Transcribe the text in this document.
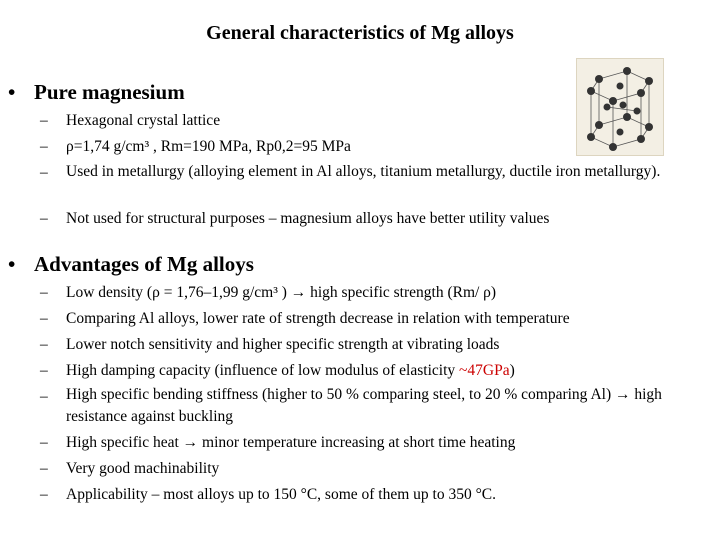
General characteristics of Mg alloys
• Pure magnesium
– Hexagonal crystal lattice
– ρ=1,74 g/cm³ , Rm=190 MPa, Rp0,2=95 MPa
– Used in metallurgy (alloying element in Al alloys, titanium metallurgy, ductile iron metallurgy).
– Not used for structural purposes – magnesium alloys have better utility values
• Advantages of Mg alloys
– Low density (ρ = 1,76–1,99 g/cm³ ) → high specific strength (Rm/ ρ)
– Comparing Al alloys, lower rate of strength decrease in relation with temperature
– Lower notch sensitivity and higher specific strength at vibrating loads
– High damping capacity (influence of low modulus of elasticity ~47GPa)
– High specific bending stiffness (higher to 50 % comparing steel, to 20 % comparing Al) → high resistance against buckling
– High specific heat → minor temperature increasing at short time heating
– Very good machinability
– Applicability – most alloys up to 150 °C, some of them up to 350 °C.
